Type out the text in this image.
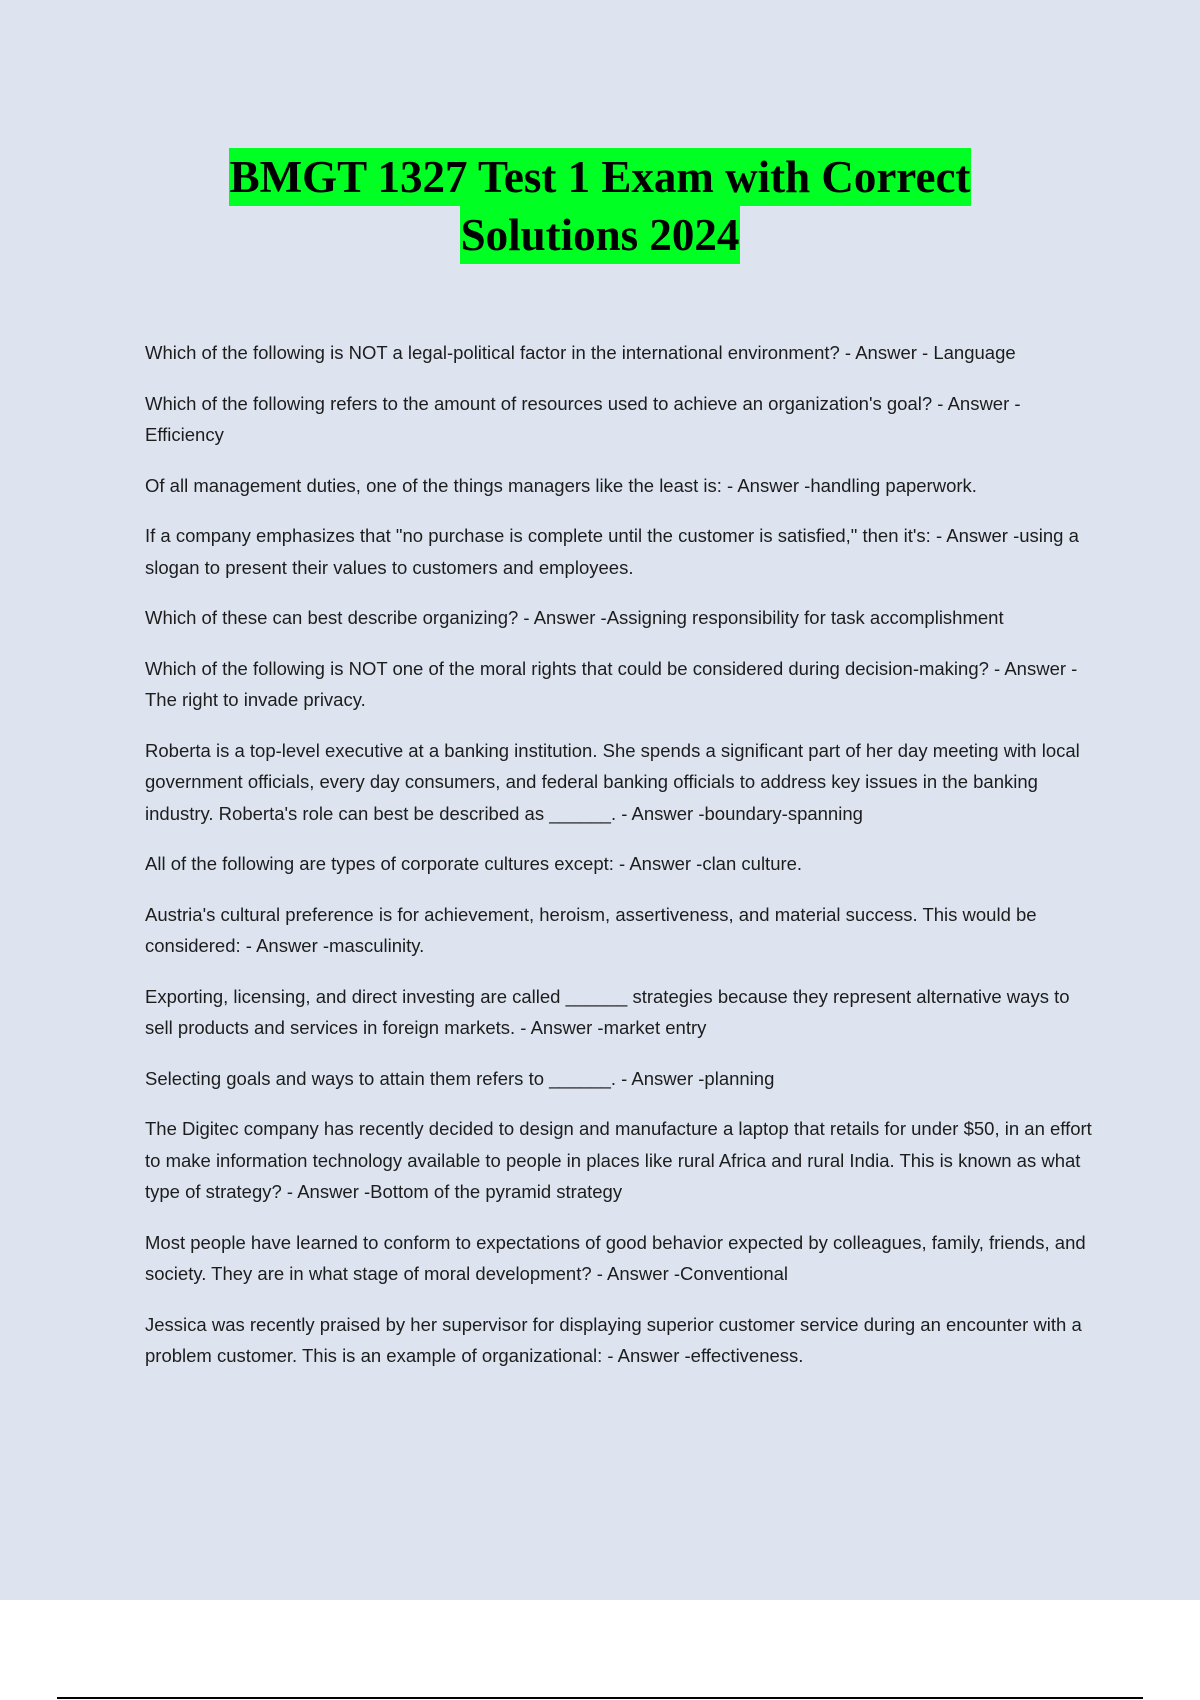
BMGT 1327 Test 1 Exam with Correct
Solutions 2024
Which of the following is NOT a legal-political factor in the international environment? - Answer - Language
Which of the following refers to the amount of resources used to achieve an organization's goal? - Answer -Efficiency
Of all management duties, one of the things managers like the least is: - Answer -handling paperwork.
If a company emphasizes that "no purchase is complete until the customer is satisfied," then it's: - Answer -using a slogan to present their values to customers and employees.
Which of these can best describe organizing? - Answer -Assigning responsibility for task accomplishment
Which of the following is NOT one of the moral rights that could be considered during decision-making? - Answer -The right to invade privacy.
Roberta is a top-level executive at a banking institution. She spends a significant part of her day meeting with local government officials, every day consumers, and federal banking officials to address key issues in the banking industry. Roberta's role can best be described as ______. - Answer -boundary-spanning
All of the following are types of corporate cultures except: - Answer -clan culture.
Austria's cultural preference is for achievement, heroism, assertiveness, and material success. This would be considered: - Answer -masculinity.
Exporting, licensing, and direct investing are called ______ strategies because they represent alternative ways to sell products and services in foreign markets. - Answer -market entry
Selecting goals and ways to attain them refers to ______. - Answer -planning
The Digitec company has recently decided to design and manufacture a laptop that retails for under $50, in an effort to make information technology available to people in places like rural Africa and rural India. This is known as what type of strategy? - Answer -Bottom of the pyramid strategy
Most people have learned to conform to expectations of good behavior expected by colleagues, family, friends, and society. They are in what stage of moral development? - Answer -Conventional
Jessica was recently praised by her supervisor for displaying superior customer service during an encounter with a problem customer. This is an example of organizational: - Answer -effectiveness.
